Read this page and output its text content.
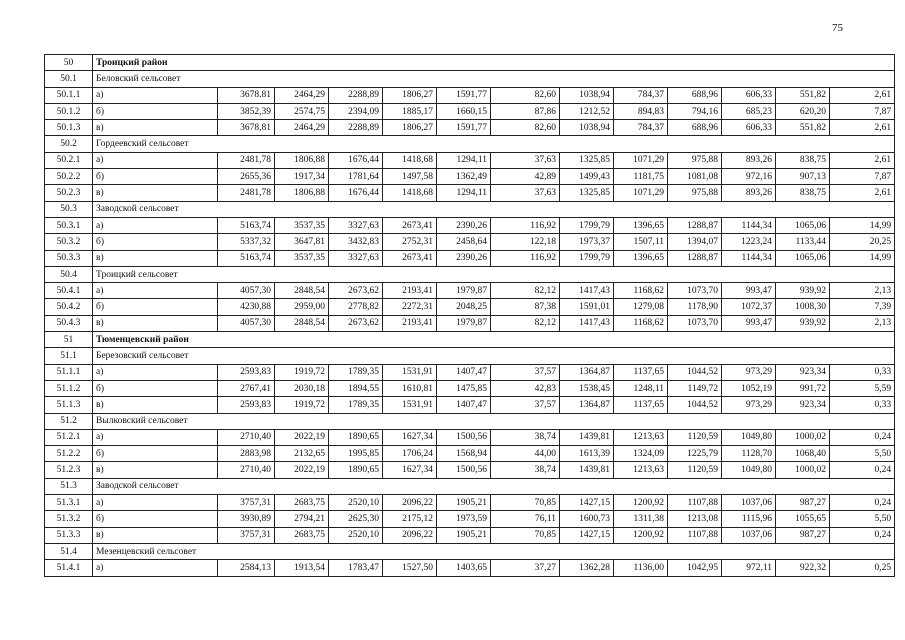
75
50	Троицкий район												
50.1	Беловский сельсовет												
50.1.1	а)	3678.81	2464,29	2288,89	1806,27	1591,77	82,60	1038,94	784,37	688,96	606,33	551,82	2,61
50.1.2	б)	3852,39	2574,75	2394,09	1885,17	1660,15	87,86	1212,52	894,83	794,16	685,23	620,20	7,87
50.1.3	в)	3678,81	2464,29	2288,89	1806,27	1591,77	82,60	1038,94	784,37	688,96	606,33	551,82	2,61
50.2	Гордеевский сельсовет												
50.2.1	а)	2481,78	1806,88	1676,44	1418,68	1294,11	37,63	1325,85	1071,29	975,88	893,26	838,75	2,61
50.2.2	б)	2655,36	1917,34	1781,64	1497,58	1362,49	42,89	1499,43	1181,75	1081,08	972,16	907,13	7,87
50.2.3	в)	2481,78	1806,88	1676,44	1418,68	1294,11	37,63	1325,85	1071,29	975,88	893,26	838,75	2,61
50.3	Заводской сельсовет												
50.3.1	а)	5163,74	3537,35	3327,63	2673,41	2390,26	116,92	1799,79	1396,65	1288,87	1144,34	1065,06	14,99
50.3.2	б)	5337,32	3647,81	3432,83	2752,31	2458,64	122,18	1973,37	1507,11	1394,07	1223,24	1133,44	20,25
50.3.3	в)	5163,74	3537,35	3327,63	2673,41	2390,26	116,92	1799,79	1396,65	1288,87	1144,34	1065,06	14,99
50.4	Троицкий сельсовет												
50.4.1	а)	4057,30	2848,54	2673,62	2193,41	1979,87	82,12	1417,43	1168,62	1073,70	993,47	939,92	2,13
50.4.2	б)	4230,88	2959,00	2778,82	2272,31	2048,25	87,38	1591,01	1279,08	1178,90	1072,37	1008,30	7,39
50.4.3	в)	4057,30	2848,54	2673,62	2193,41	1979,87	82,12	1417,43	1168,62	1073,70	993,47	939,92	2,13
51	Тюменцевский район												
51.1	Березовский сельсовет												
51.1.1	а)	2593,83	1919,72	1789,35	1531,91	1407,47	37,57	1364,87	1137,65	1044,52	973,29	923,34	0,33
51.1.2	б)	2767,41	2030,18	1894,55	1610,81	1475,85	42,83	1538,45	1248,11	1149,72	1052,19	991,72	5,59
51.1.3	в)	2593,83	1919,72	1789,35	1531,91	1407,47	37,57	1364,87	1137,65	1044,52	973,29	923,34	0,33
51.2	Вылковский сельсовет												
51.2.1	а)	2710,40	2022,19	1890,65	1627,34	1500,56	38,74	1439,81	1213,63	1120,59	1049,80	1000,02	0,24
51.2.2	б)	2883,98	2132,65	1995,85	1706,24	1568,94	44,00	1613,39	1324,09	1225,79	1128,70	1068,40	5,50
51.2.3	в)	2710,40	2022,19	1890,65	1627,34	1500,56	38,74	1439,81	1213,63	1120,59	1049,80	1000,02	0,24
51.3	Заводской сельсовет												
51.3.1	а)	3757,31	2683,75	2520,10	2096,22	1905,21	70,85	1427,15	1200,92	1107,88	1037,06	987,27	0,24
51.3.2	б)	3930,89	2794,21	2625,30	2175,12	1973,59	76,11	1600,73	1311,38	1213,08	1115,96	1055,65	5,50
51.3.3	в)	3757,31	2683,75	2520,10	2096,22	1905,21	70,85	1427,15	1200,92	1107,88	1037,06	987,27	0,24
51.4	Мезенцевский сельсовет												
51.4.1	а)	2584,13	1913,54	1783,47	1527,50	1403,65	37,27	1362,28	1136,00	1042,95	972,11	922,32	0,25
